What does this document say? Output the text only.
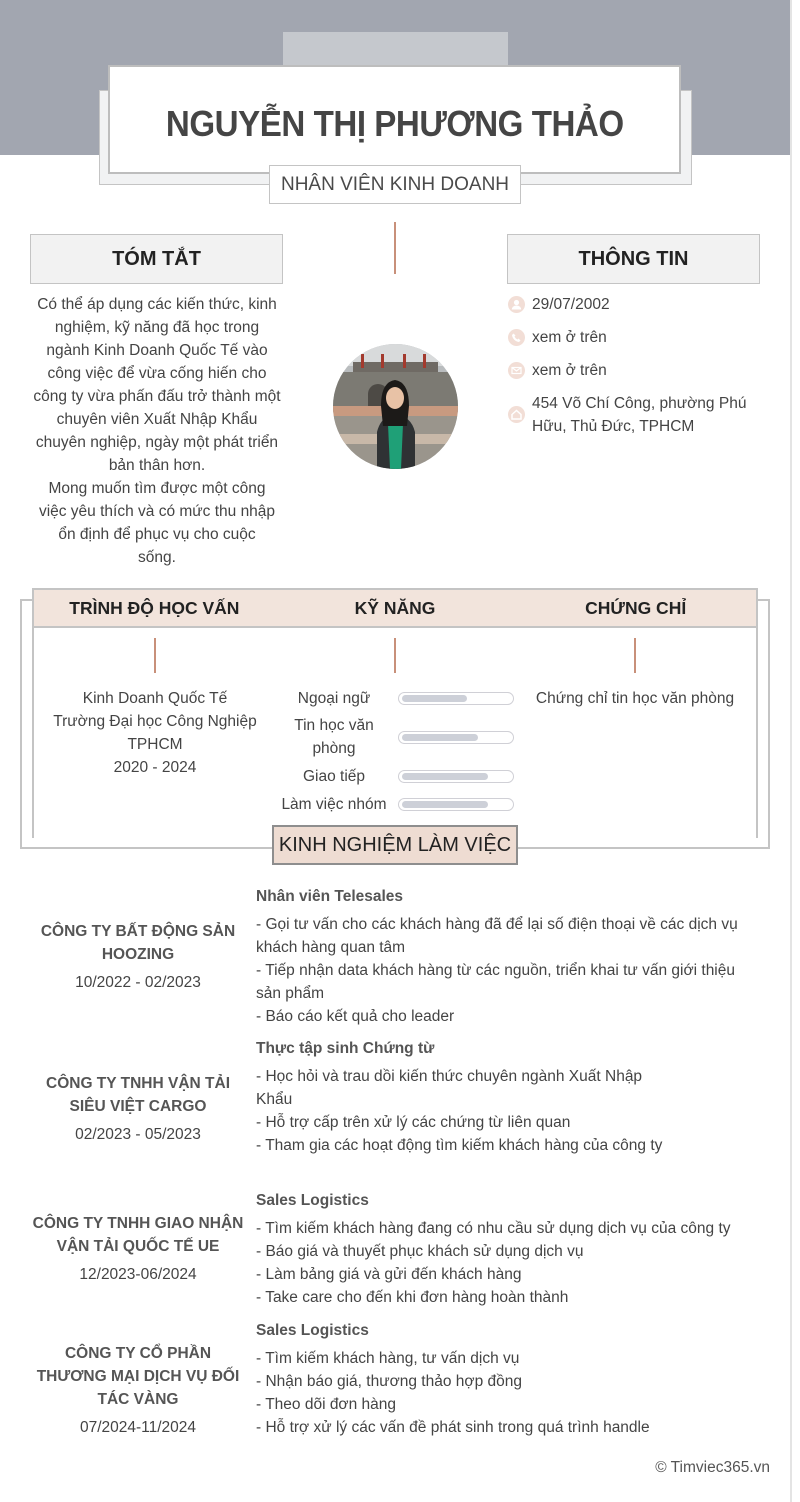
NGUYỄN THỊ PHƯƠNG THẢO
NHÂN VIÊN KINH DOANH
TÓM TẮT
Có thể áp dụng các kiến thức, kinh
nghiệm, kỹ năng đã học trong
ngành Kinh Doanh Quốc Tế vào
công việc để vừa cống hiến cho
công ty vừa phấn đấu trở thành một
chuyên viên Xuất Nhập Khẩu
chuyên nghiệp, ngày một phát triển
bản thân hơn.
Mong muốn tìm được một công
việc yêu thích và có mức thu nhập
ổn định để phục vụ cho cuộc
sống.
THÔNG TIN
29/07/2002
xem ở trên
xem ở trên
454 Võ Chí Công, phường Phú Hữu, Thủ Đức, TPHCM
TRÌNH ĐỘ HỌC VẤN	KỸ NĂNG	CHỨNG CHỈ
Kinh Doanh Quốc Tế
Trường Đại học Công Nghiệp TPHCM
2020 - 2024
Ngoại ngữ
Tin học văn phòng
Giao tiếp
Làm việc nhóm
Chứng chỉ tin học văn phòng
KINH NGHIỆM LÀM VIỆC
CÔNG TY BẤT ĐỘNG SẢN HOOZING
10/2022 - 02/2023
Nhân viên Telesales
- Gọi tư vấn cho các khách hàng đã để lại số điện thoại về các dịch vụ khách hàng quan tâm
- Tiếp nhận data khách hàng từ các nguồn, triển khai tư vấn giới thiệu sản phẩm
- Báo cáo kết quả cho leader
CÔNG TY TNHH VẬN TẢI SIÊU VIỆT CARGO
02/2023 - 05/2023
Thực tập sinh Chứng từ
- Học hỏi và trau dồi kiến thức chuyên ngành Xuất Nhập Khẩu
- Hỗ trợ cấp trên xử lý các chứng từ liên quan
- Tham gia các hoạt động tìm kiếm khách hàng của công ty
CÔNG TY TNHH GIAO NHẬN VẬN TẢI QUỐC TẾ UE
12/2023-06/2024
Sales Logistics
- Tìm kiếm khách hàng đang có nhu cầu sử dụng dịch vụ của công ty
- Báo giá và thuyết phục khách sử dụng dịch vụ
- Làm bảng giá và gửi đến khách hàng
- Take care cho đến khi đơn hàng hoàn thành
CÔNG TY CỔ PHẦN THƯƠNG MẠI DỊCH VỤ ĐỐI TÁC VÀNG
07/2024-11/2024
Sales Logistics
- Tìm kiếm khách hàng, tư vấn dịch vụ
- Nhận báo giá, thương thảo hợp đồng
- Theo dõi đơn hàng
- Hỗ trợ xử lý các vấn đề phát sinh trong quá trình handle
© Timviec365.vn
